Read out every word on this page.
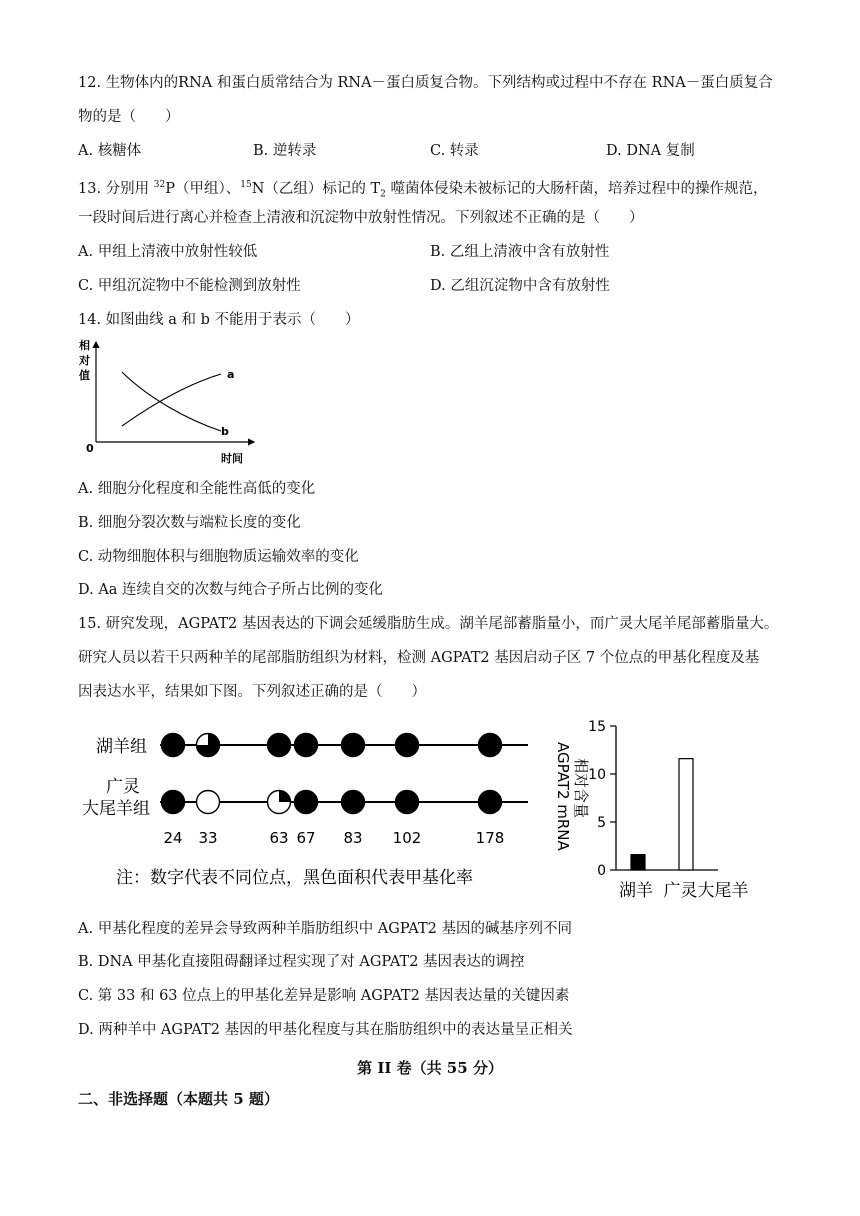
12. 生物体内的RNA 和蛋白质常结合为 RNA－蛋白质复合物。下列结构或过程中不存在 RNA－蛋白质复合
物的是（　　）
A. 核糖体	B. 逆转录	C. 转录	D. DNA 复制
13. 分别用 $^{32}$P（甲组）、$^{15}$N（乙组）标记的 $T_2$ 噬菌体侵染未被标记的大肠杆菌，培养过程中的操作规范，
一段时间后进行离心并检查上清液和沉淀物中放射性情况。下列叙述不正确的是（　　）
A. 甲组上清液中放射性较低	B. 乙组上清液中含有放射性
C. 甲组沉淀物中不能检测到放射性	D. 乙组沉淀物中含有放射性
14. 如图曲线 a 和 b 不能用于表示（　　）
相
对
值
0
时间
a
b
A. 细胞分化程度和全能性高低的变化
B. 细胞分裂次数与端粒长度的变化
C. 动物细胞体积与细胞物质运输效率的变化
D. Aa 连续自交的次数与纯合子所占比例的变化
15. 研究发现，AGPAT2 基因表达的下调会延缓脂肪生成。湖羊尾部蓄脂量小，而广灵大尾羊尾部蓄脂量大。
研究人员以若干只两种羊的尾部脂肪组织为材料，检测 AGPAT2 基因启动子区 7 个位点的甲基化程度及基
因表达水平，结果如下图。下列叙述正确的是（　　）
湖羊组
广灵
大尾羊组
24 33	63 67 83 102	178
注：数字代表不同位点，黑色面积代表甲基化率
AGPAT2 mRNA 相对含量
0
5
10
15
湖羊 广灵大尾羊
A. 甲基化程度的差异会导致两种羊脂肪组织中 AGPAT2 基因的碱基序列不同
B. DNA 甲基化直接阻碍翻译过程实现了对 AGPAT2 基因表达的调控
C. 第 33 和 63 位点上的甲基化差异是影响 AGPAT2 基因表达量的关键因素
D. 两种羊中 AGPAT2 基因的甲基化程度与其在脂肪组织中的表达量呈正相关
第 II 卷（共 55 分）
二、非选择题（本题共 5 题）
